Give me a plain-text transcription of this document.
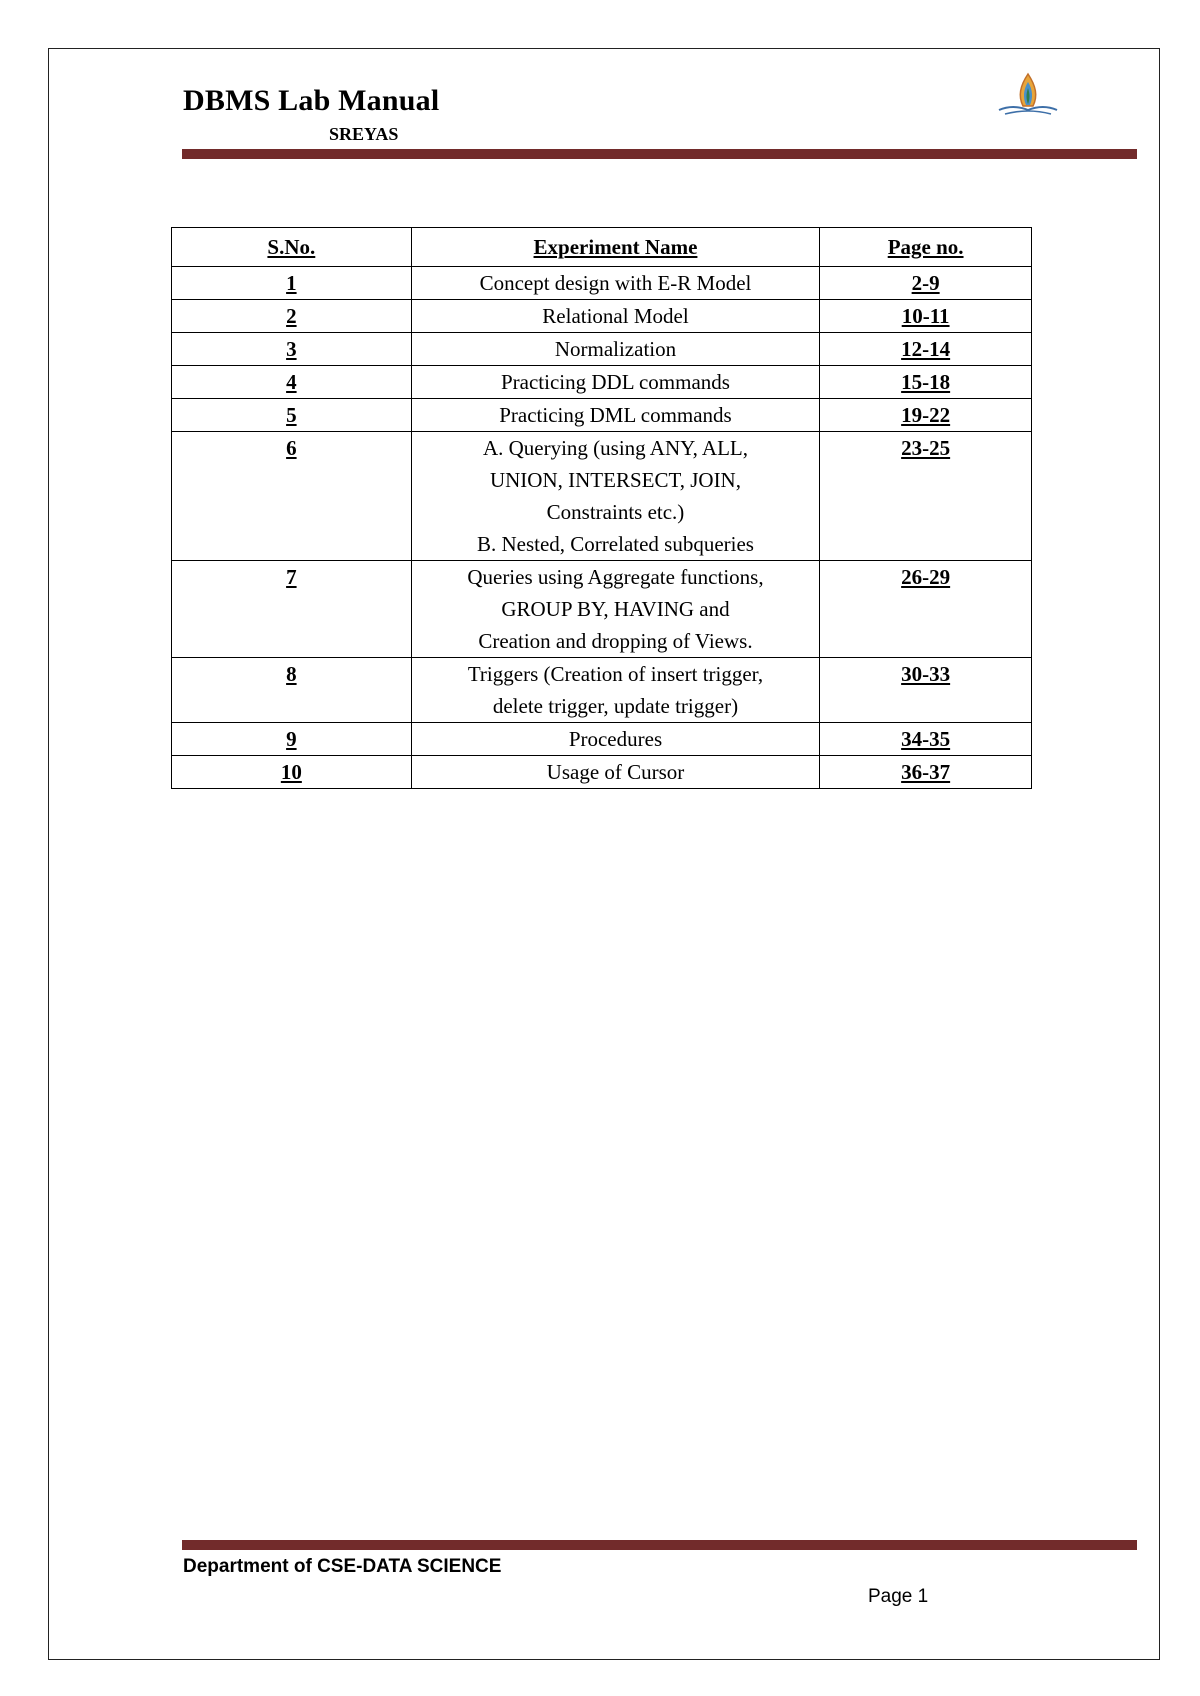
DBMS Lab Manual
SREYAS
S.No.	Experiment Name	Page no.
1	Concept design with E-R Model	2-9
2	Relational Model	10-11
3	Normalization	12-14
4	Practicing DDL commands	15-18
5	Practicing DML commands	19-22
6	A. Querying (using ANY, ALL,
UNION, INTERSECT, JOIN,
Constraints etc.)
B. Nested, Correlated subqueries	23-25
7	Queries using Aggregate functions,
GROUP BY, HAVING and
Creation and dropping of Views.	26-29
8	Triggers (Creation of insert trigger,
delete trigger, update trigger)	30-33
9	Procedures	34-35
10	Usage of Cursor	36-37
Department of CSE-DATA SCIENCE
Page 1
